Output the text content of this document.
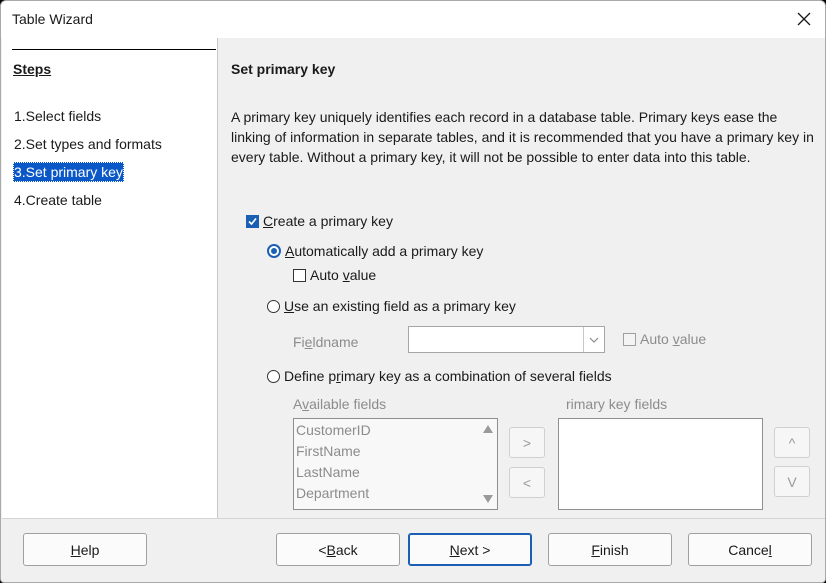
Table Wizard
Steps
1.Select fields
2.Set types and formats
3.Set primary key
4.Create table
Set primary key
A primary key uniquely identifies each record in a database table. Primary keys ease the linking of information in separate tables, and it is recommended that you have a primary key in every table. Without a primary key, it will not be possible to enter data into this table.
Create a primary key
Automatically add a primary key
Auto value
Use an existing field as a primary key
Fieldname	Auto value
Define primary key as a combination of several fields
Available fields	rimary key fields
CustomerID
FirstName
LastName
Department
>
<
^
V
H elp	< B ack	N ext >	F inish	Cance l
